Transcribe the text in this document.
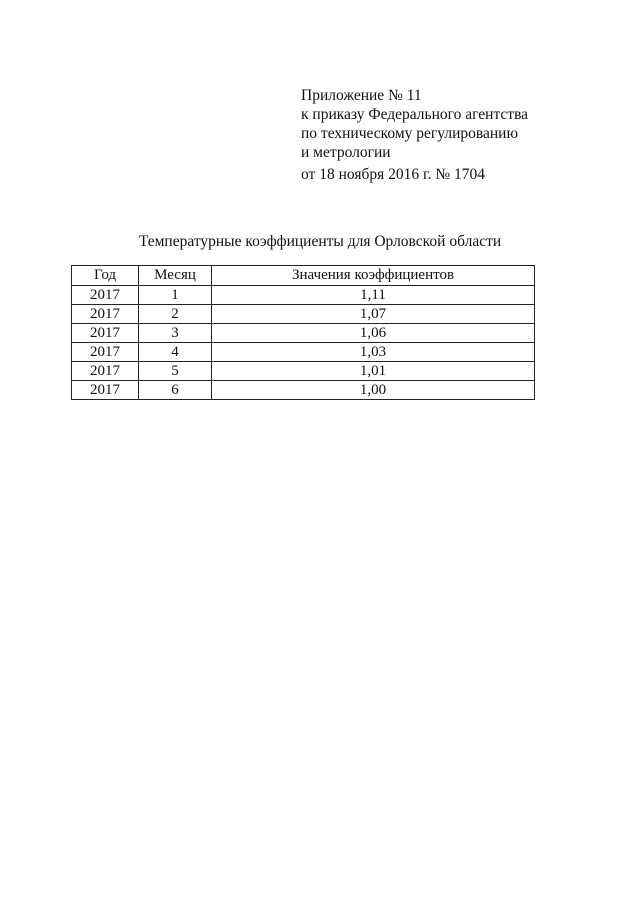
Приложение № 11
к приказу Федерального агентства
по техническому регулированию
и метрологии
от 18 ноября 2016 г. № 1704
Температурные коэффициенты для Орловской области
Год	Месяц	Значения коэффициентов
2017	1	1,11
2017	2	1,07
2017	3	1,06
2017	4	1,03
2017	5	1,01
2017	6	1,00
